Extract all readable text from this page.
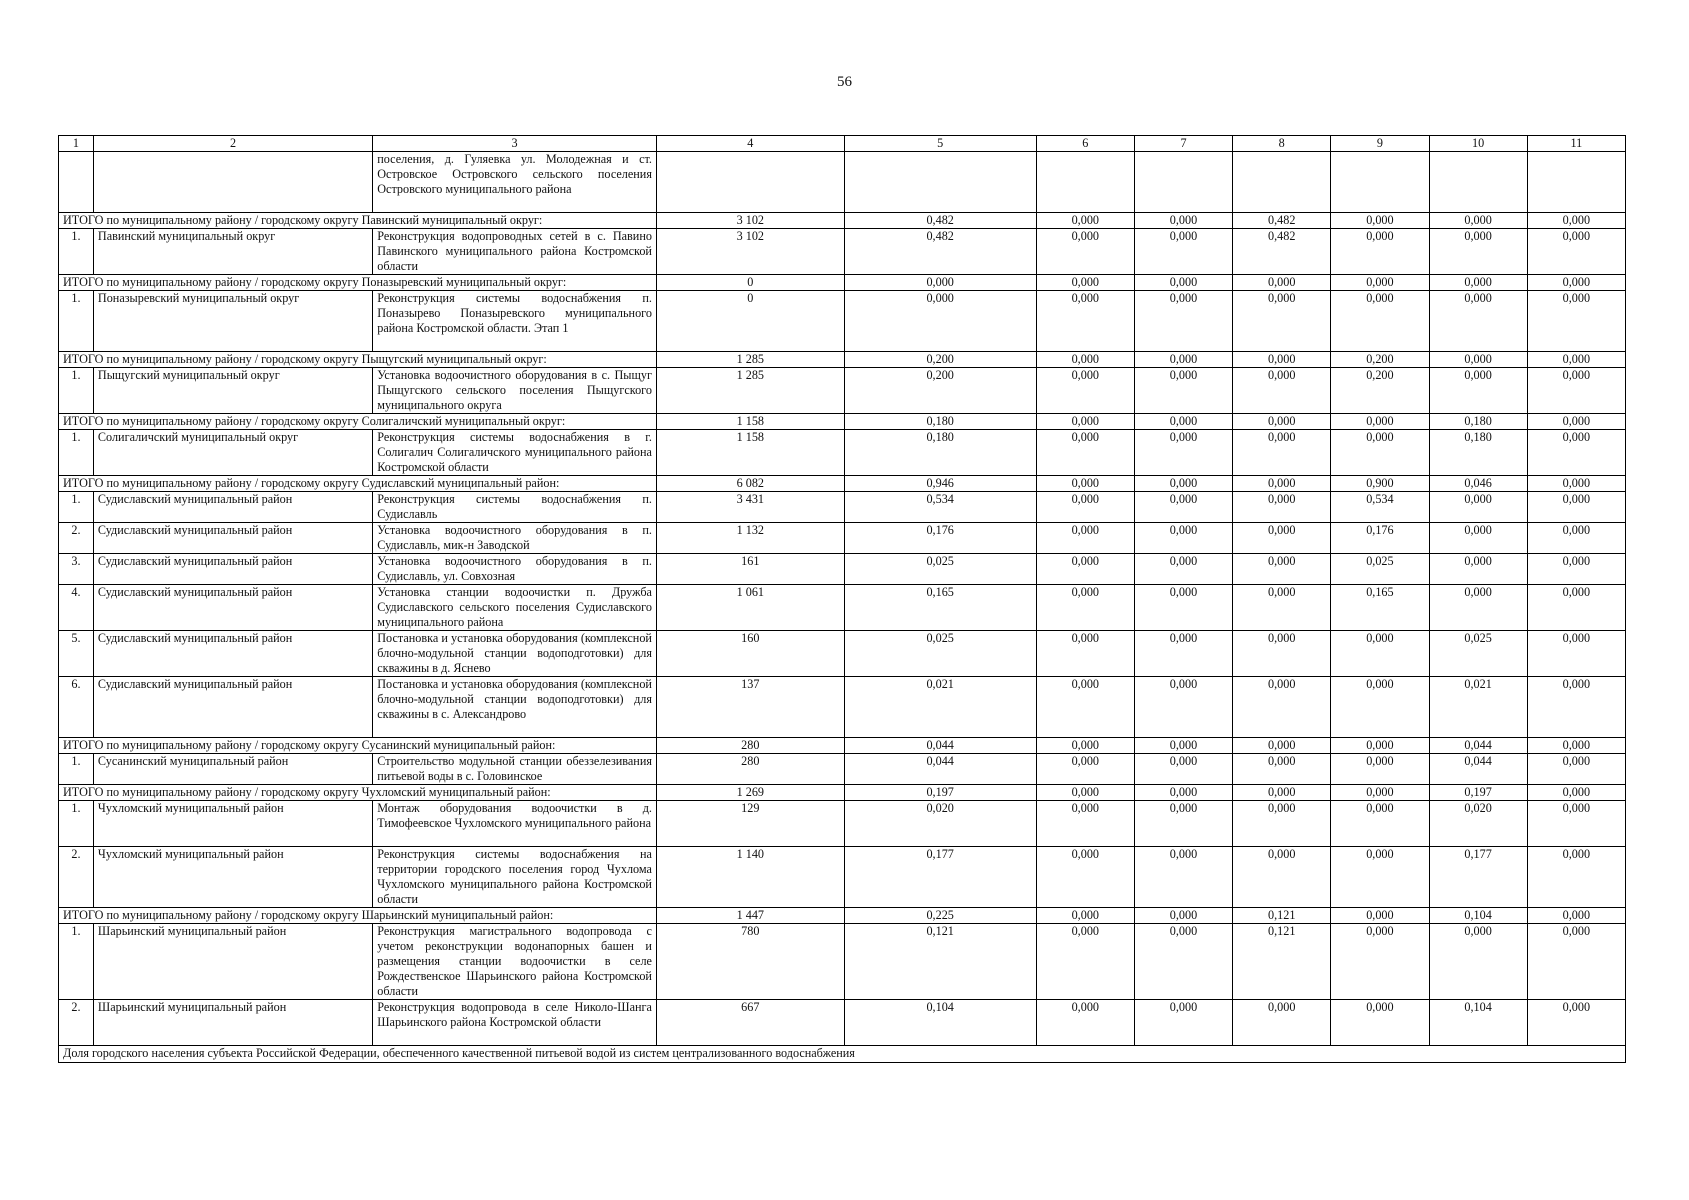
56
1	2	3	4	5	6	7	8	9	10	11
		поселения, д. Гуляевка ул. Молодежная и ст. Островское Островского сельского поселения Островского муниципального района								
ИТОГО по муниципальному району / городскому округу Павинский муниципальный округ:			3 102	0,482	0,000	0,000	0,482	0,000	0,000	0,000
1.	Павинский муниципальный округ	Реконструкция водопроводных сетей в с. Павино Павинского муниципального района Костромской области	3 102	0,482	0,000	0,000	0,482	0,000	0,000	0,000
ИТОГО по муниципальному району / городскому округу Поназыревский муниципальный округ:			0	0,000	0,000	0,000	0,000	0,000	0,000	0,000
1.	Поназыревский муниципальный округ	Реконструкция системы водоснабжения п. Поназырево Поназыревского муниципального района Костромской области. Этап 1	0	0,000	0,000	0,000	0,000	0,000	0,000	0,000
ИТОГО по муниципальному району / городскому округу Пыщугский муниципальный округ:			1 285	0,200	0,000	0,000	0,000	0,200	0,000	0,000
1.	Пыщугский муниципальный округ	Установка водоочистного оборудования в с. Пыщуг Пыщугского сельского поселения Пыщугского муниципального округа	1 285	0,200	0,000	0,000	0,000	0,200	0,000	0,000
ИТОГО по муниципальному району / городскому округу Солигаличский муниципальный округ:			1 158	0,180	0,000	0,000	0,000	0,000	0,180	0,000
1.	Солигаличский муниципальный округ	Реконструкция системы водоснабжения в г. Солигалич Солигаличского муниципального района Костромской области	1 158	0,180	0,000	0,000	0,000	0,000	0,180	0,000
ИТОГО по муниципальному району / городскому округу Судиславский муниципальный район:			6 082	0,946	0,000	0,000	0,000	0,900	0,046	0,000
1.	Судиславский муниципальный район	Реконструкция системы водоснабжения п. Судиславль	3 431	0,534	0,000	0,000	0,000	0,534	0,000	0,000
2.	Судиславский муниципальный район	Установка водоочистного оборудования в п. Судиславль, мик-н Заводской	1 132	0,176	0,000	0,000	0,000	0,176	0,000	0,000
3.	Судиславский муниципальный район	Установка водоочистного оборудования в п. Судиславль, ул. Совхозная	161	0,025	0,000	0,000	0,000	0,025	0,000	0,000
4.	Судиславский муниципальный район	Установка станции водоочистки п. Дружба Судиславского сельского поселения Судиславского муниципального района	1 061	0,165	0,000	0,000	0,000	0,165	0,000	0,000
5.	Судиславский муниципальный район	Постановка и установка оборудования (комплексной блочно-модульной станции водоподготовки) для скважины в д. Яснево	160	0,025	0,000	0,000	0,000	0,000	0,025	0,000
6.	Судиславский муниципальный район	Постановка и установка оборудования (комплексной блочно-модульной станции водоподготовки) для скважины в с. Александрово	137	0,021	0,000	0,000	0,000	0,000	0,021	0,000
ИТОГО по муниципальному району / городскому округу Сусанинский муниципальный район:			280	0,044	0,000	0,000	0,000	0,000	0,044	0,000
1.	Сусанинский муниципальный район	Строительство модульной станции обеззелезивания питьевой воды в с. Головинское	280	0,044	0,000	0,000	0,000	0,000	0,044	0,000
ИТОГО по муниципальному району / городскому округу Чухломский муниципальный район:			1 269	0,197	0,000	0,000	0,000	0,000	0,197	0,000
1.	Чухломский муниципальный район	Монтаж оборудования водоочистки в д. Тимофеевское Чухломского муниципального района	129	0,020	0,000	0,000	0,000	0,000	0,020	0,000
2.	Чухломский муниципальный район	Реконструкция системы водоснабжения на территории городского поселения город Чухлома Чухломского муниципального района Костромской области	1 140	0,177	0,000	0,000	0,000	0,000	0,177	0,000
ИТОГО по муниципальному району / городскому округу Шарьинский муниципальный район:			1 447	0,225	0,000	0,000	0,121	0,000	0,104	0,000
1.	Шарьинский муниципальный район	Реконструкция магистрального водопровода с учетом реконструкции водонапорных башен и размещения станции водоочистки в селе Рождественское Шарьинского района Костромской области	780	0,121	0,000	0,000	0,121	0,000	0,000	0,000
2.	Шарьинский муниципальный район	Реконструкция водопровода в селе Николо-Шанга Шарьинского района Костромской области	667	0,104	0,000	0,000	0,000	0,000	0,104	0,000
Доля городского населения субъекта Российской Федерации, обеспеченного качественной питьевой водой из систем централизованного водоснабжения										
